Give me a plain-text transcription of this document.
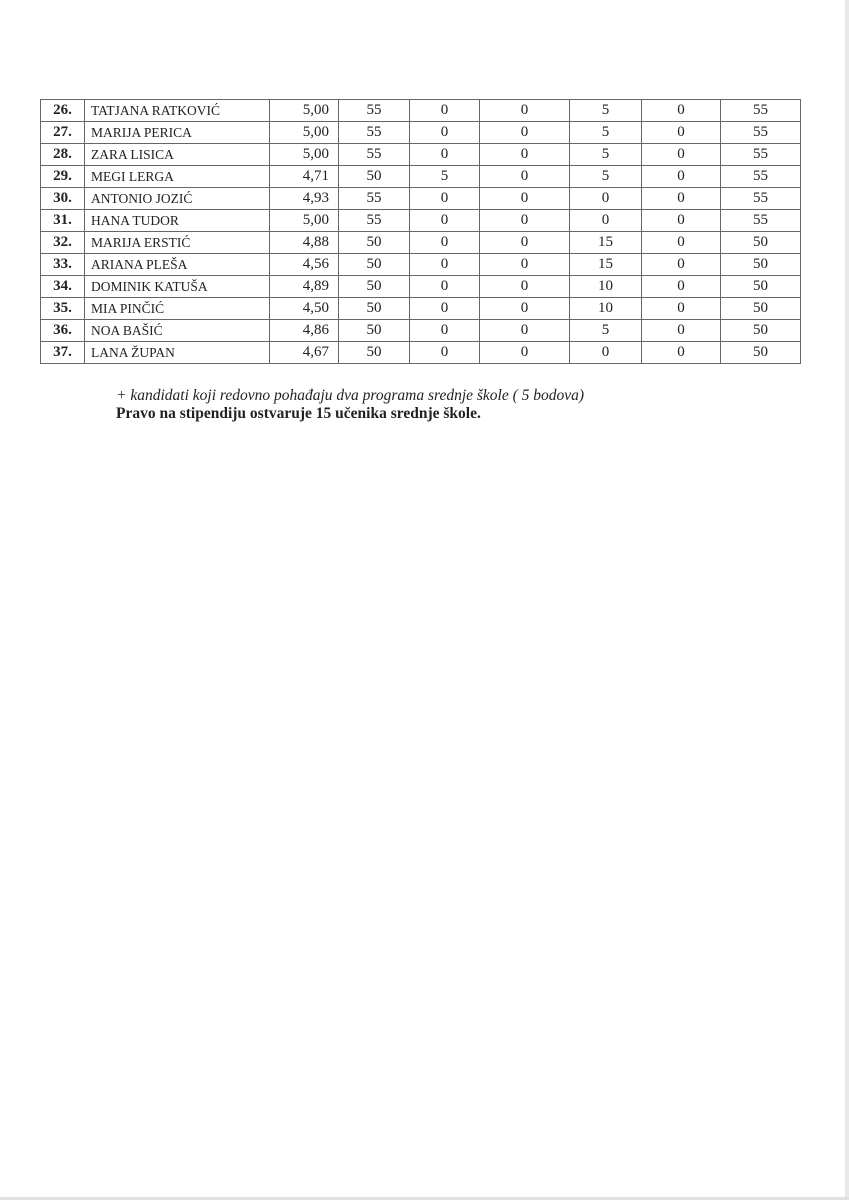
26.	TATJANA RATKOVIĆ	5,00	55	0	0	5	0	55
27.	MARIJA PERICA	5,00	55	0	0	5	0	55
28.	ZARA LISICA	5,00	55	0	0	5	0	55
29.	MEGI LERGA	4,71	50	5	0	5	0	55
30.	ANTONIO JOZIĆ	4,93	55	0	0	0	0	55
31.	HANA TUDOR	5,00	55	0	0	0	0	55
32.	MARIJA ERSTIĆ	4,88	50	0	0	15	0	50
33.	ARIANA PLEŠA	4,56	50	0	0	15	0	50
34.	DOMINIK KATUŠA	4,89	50	0	0	10	0	50
35.	MIA PINČIĆ	4,50	50	0	0	10	0	50
36.	NOA BAŠIĆ	4,86	50	0	0	5	0	50
37.	LANA ŽUPAN	4,67	50	0	0	0	0	50
+ kandidati koji redovno pohađaju dva programa srednje škole ( 5 bodova)
Pravo na stipendiju ostvaruje 15 učenika srednje škole.
